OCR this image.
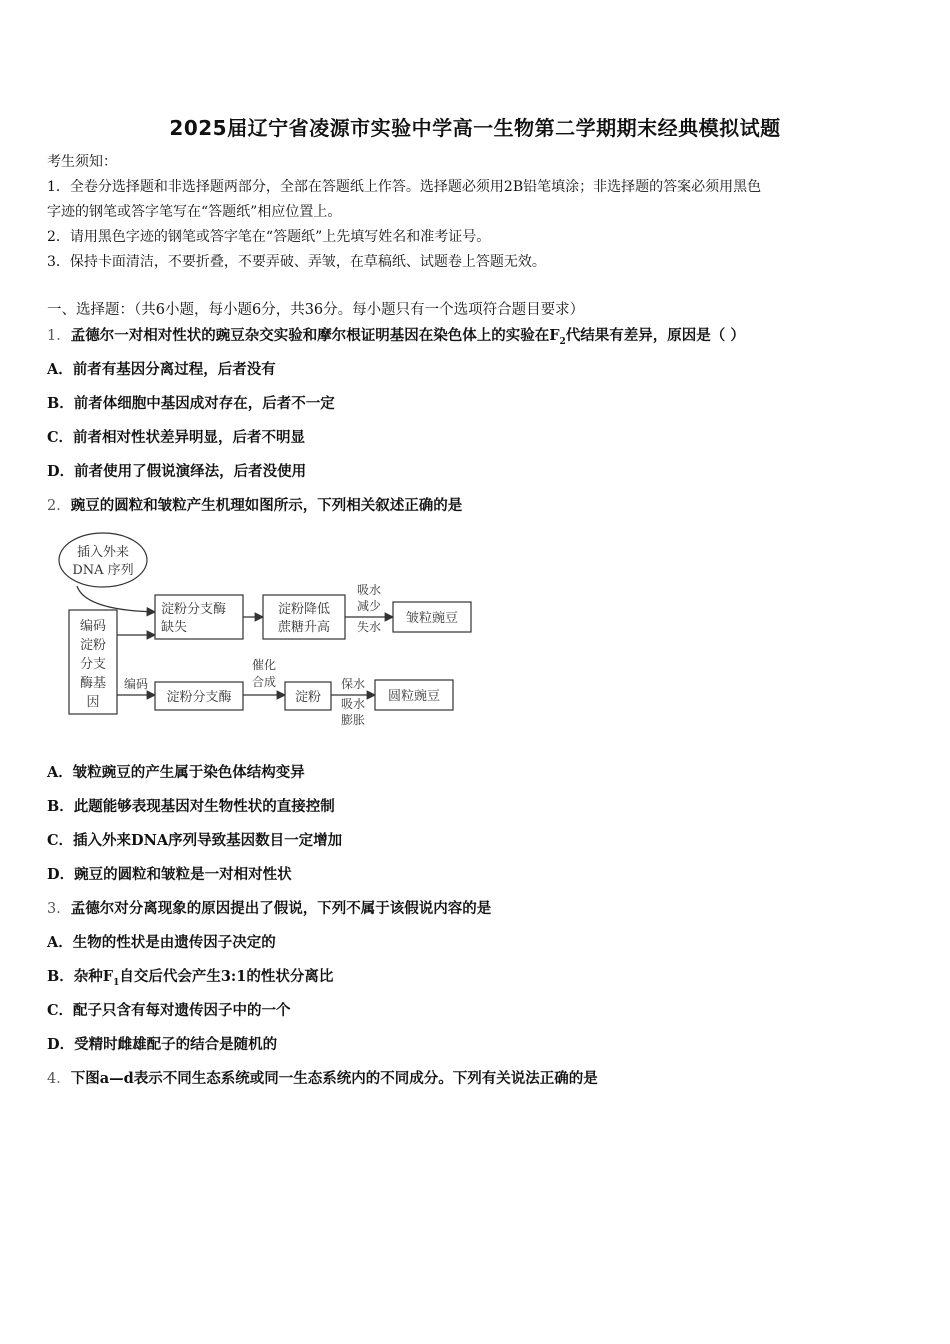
2025届辽宁省凌源市实验中学高一生物第二学期期末经典模拟试题
考生须知：
1．全卷分选择题和非选择题两部分，全部在答题纸上作答。选择题必须用2B铅笔填涂；非选择题的答案必须用黑色
字迹的钢笔或答字笔写在“答题纸”相应位置上。
2．请用黑色字迹的钢笔或答字笔在“答题纸”上先填写姓名和准考证号。
3．保持卡面清洁，不要折叠，不要弄破、弄皱，在草稿纸、试题卷上答题无效。
一、选择题：（共6小题，每小题6分，共36分。每小题只有一个选项符合题目要求）
1．孟德尔一对相对性状的豌豆杂交实验和摩尔根证明基因在染色体上的实验在$F_2$代结果有差异，原因是（ ）
A．前者有基因分离过程，后者没有
B．前者体细胞中基因成对存在，后者不一定
C．前者相对性状差异明显，后者不明显
D．前者使用了假说演绎法，后者没使用
2．豌豆的圆粒和皱粒产生机理如图所示，下列相关叙述正确的是
插入外来
DNA 序列
编码
淀粉
分支
酶基
因
淀粉分支酶
缺失
淀粉降低
蔗糖升高
吸水
减少
失水
皱粒豌豆
编码
淀粉分支酶
催化
合成
淀粉
保水
吸水
膨胀
圆粒豌豆
A．皱粒豌豆的产生属于染色体结构变异
B．此题能够表现基因对生物性状的直接控制
C．插入外来DNA序列导致基因数目一定增加
D．豌豆的圆粒和皱粒是一对相对性状
3．孟德尔对分离现象的原因提出了假说，下列不属于该假说内容的是
A．生物的性状是由遗传因子决定的
B．杂种$F_1$自交后代会产生3:1的性状分离比
C．配子只含有每对遗传因子中的一个
D．受精时雌雄配子的结合是随机的
4．下图a—d表示不同生态系统或同一生态系统内的不同成分。下列有关说法正确的是
